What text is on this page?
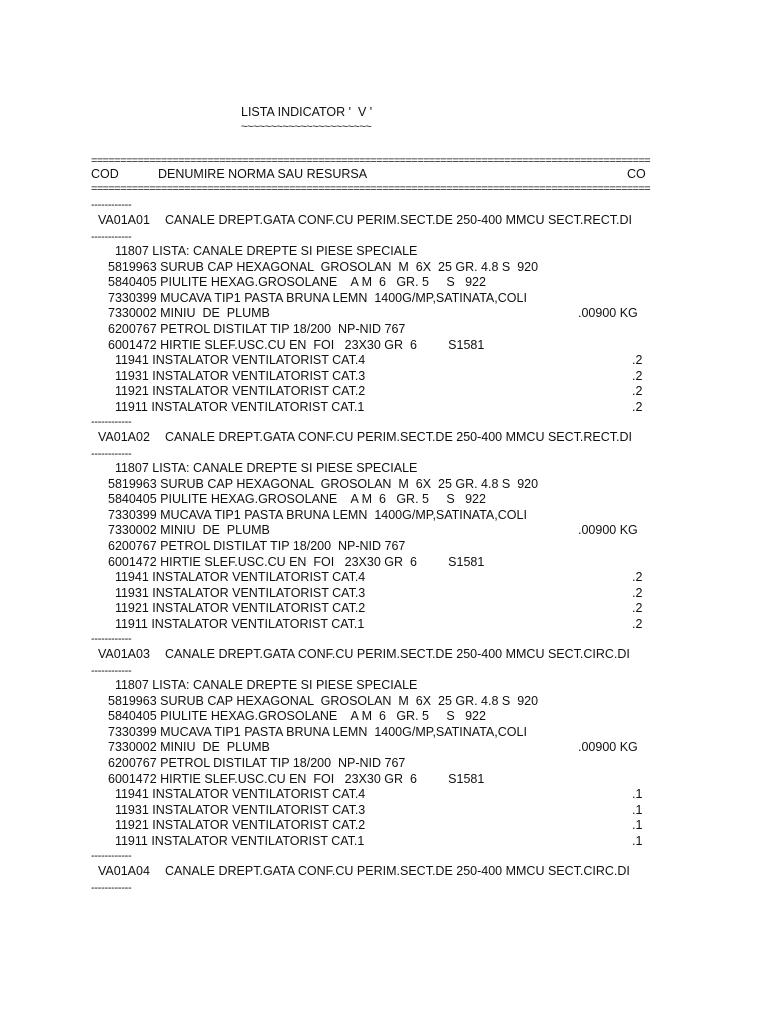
LISTA INDICATOR '  V '
~~~~~~~~~~~~~~~~~~~~~~
================================================================================================
COD	DENUMIRE NORMA SAU RESURSA	CO
================================================================================================
------------
VA01A01 CANALE DREPT.GATA CONF.CU PERIM.SECT.DE 250-400 MMCU SECT.RECT.DI
------------
11807 LISTA: CANALE DREPTE SI PIESE SPECIALE
5819963 SURUB CAP HEXAGONAL  GROSOLAN  M  6X  25 GR. 4.8 S  920
5840405 PIULITE HEXAG.GROSOLANE    A M  6   GR. 5     S   922
7330399 MUCAVA TIP1 PASTA BRUNA LEMN  1400G/MP,SATINATA,COLI
7330002 MINIU  DE  PLUMB	.00900 KG
6200767 PETROL DISTILAT TIP 18/200  NP-NID 767
6001472 HIRTIE SLEF.USC.CU EN  FOI   23X30 GR  6         S1581
11941 INSTALATOR VENTILATORIST CAT.4	.2
11931 INSTALATOR VENTILATORIST CAT.3	.2
11921 INSTALATOR VENTILATORIST CAT.2	.2
11911 INSTALATOR VENTILATORIST CAT.1	.2
------------
VA01A02 CANALE DREPT.GATA CONF.CU PERIM.SECT.DE 250-400 MMCU SECT.RECT.DI
------------
11807 LISTA: CANALE DREPTE SI PIESE SPECIALE
5819963 SURUB CAP HEXAGONAL  GROSOLAN  M  6X  25 GR. 4.8 S  920
5840405 PIULITE HEXAG.GROSOLANE    A M  6   GR. 5     S   922
7330399 MUCAVA TIP1 PASTA BRUNA LEMN  1400G/MP,SATINATA,COLI
7330002 MINIU  DE  PLUMB	.00900 KG
6200767 PETROL DISTILAT TIP 18/200  NP-NID 767
6001472 HIRTIE SLEF.USC.CU EN  FOI   23X30 GR  6         S1581
11941 INSTALATOR VENTILATORIST CAT.4	.2
11931 INSTALATOR VENTILATORIST CAT.3	.2
11921 INSTALATOR VENTILATORIST CAT.2	.2
11911 INSTALATOR VENTILATORIST CAT.1	.2
------------
VA01A03 CANALE DREPT.GATA CONF.CU PERIM.SECT.DE 250-400 MMCU SECT.CIRC.DI
------------
11807 LISTA: CANALE DREPTE SI PIESE SPECIALE
5819963 SURUB CAP HEXAGONAL  GROSOLAN  M  6X  25 GR. 4.8 S  920
5840405 PIULITE HEXAG.GROSOLANE    A M  6   GR. 5     S   922
7330399 MUCAVA TIP1 PASTA BRUNA LEMN  1400G/MP,SATINATA,COLI
7330002 MINIU  DE  PLUMB	.00900 KG
6200767 PETROL DISTILAT TIP 18/200  NP-NID 767
6001472 HIRTIE SLEF.USC.CU EN  FOI   23X30 GR  6         S1581
11941 INSTALATOR VENTILATORIST CAT.4	.1
11931 INSTALATOR VENTILATORIST CAT.3	.1
11921 INSTALATOR VENTILATORIST CAT.2	.1
11911 INSTALATOR VENTILATORIST CAT.1	.1
------------
VA01A04 CANALE DREPT.GATA CONF.CU PERIM.SECT.DE 250-400 MMCU SECT.CIRC.DI
------------
